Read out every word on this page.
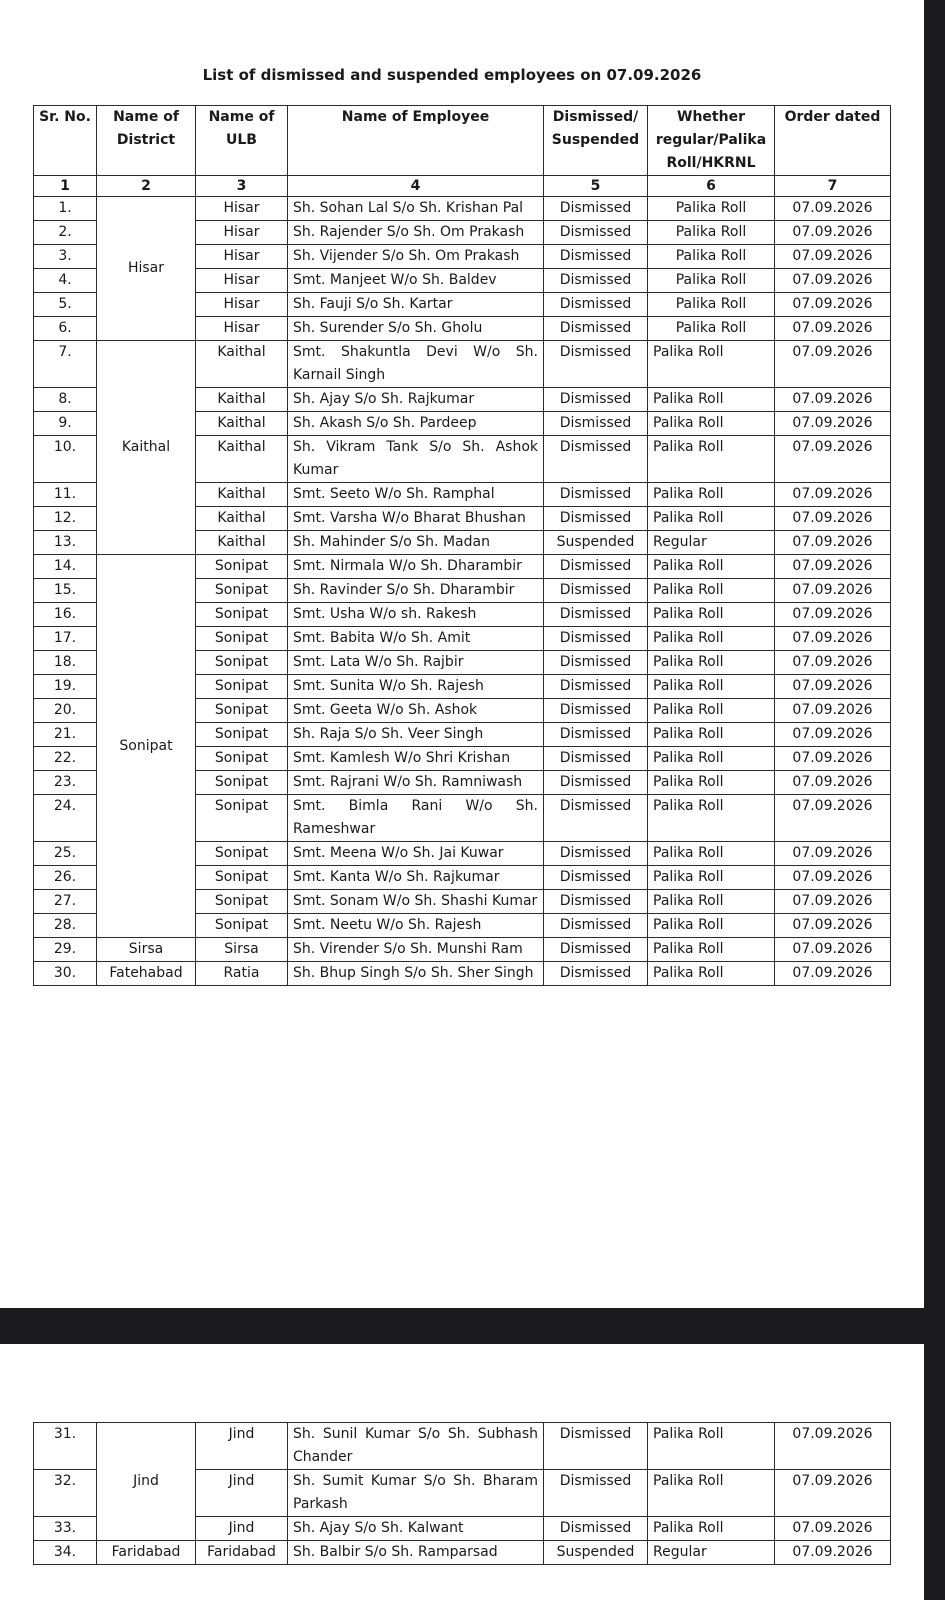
List of dismissed and suspended employees on 07.09.2026
Sr. No.	Name of District	Name of ULB	Name of Employee	Dismissed/ Suspended	Whether regular/Palika Roll/HKRNL	Order dated
1	2	3	4	5	6	7
1.	Hisar	Hisar	Sh. Sohan Lal S/o Sh. Krishan Pal	Dismissed	Palika Roll	07.09.2026
2.		Hisar	Sh. Rajender S/o Sh. Om Prakash	Dismissed	Palika Roll	07.09.2026
3.		Hisar	Sh. Vijender S/o Sh. Om Prakash	Dismissed	Palika Roll	07.09.2026
4.		Hisar	Smt. Manjeet W/o Sh. Baldev	Dismissed	Palika Roll	07.09.2026
5.		Hisar	Sh. Fauji S/o Sh. Kartar	Dismissed	Palika Roll	07.09.2026
6.		Hisar	Sh. Surender S/o Sh. Gholu	Dismissed	Palika Roll	07.09.2026
7.	Kaithal	Kaithal	Smt. Shakuntla Devi W/o Sh. Karnail Singh	Dismissed	Palika Roll	07.09.2026
8.		Kaithal	Sh. Ajay S/o Sh. Rajkumar	Dismissed	Palika Roll	07.09.2026
9.		Kaithal	Sh. Akash S/o Sh. Pardeep	Dismissed	Palika Roll	07.09.2026
10.		Kaithal	Sh. Vikram Tank S/o Sh. Ashok Kumar	Dismissed	Palika Roll	07.09.2026
11.		Kaithal	Smt. Seeto W/o Sh. Ramphal	Dismissed	Palika Roll	07.09.2026
12.		Kaithal	Smt. Varsha W/o Bharat Bhushan	Dismissed	Palika Roll	07.09.2026
13.		Kaithal	Sh. Mahinder S/o Sh. Madan	Suspended	Regular	07.09.2026
14.	Sonipat	Sonipat	Smt. Nirmala W/o Sh. Dharambir	Dismissed	Palika Roll	07.09.2026
15.		Sonipat	Sh. Ravinder S/o Sh. Dharambir	Dismissed	Palika Roll	07.09.2026
16.		Sonipat	Smt. Usha W/o sh. Rakesh	Dismissed	Palika Roll	07.09.2026
17.		Sonipat	Smt. Babita W/o Sh. Amit	Dismissed	Palika Roll	07.09.2026
18.		Sonipat	Smt. Lata W/o Sh. Rajbir	Dismissed	Palika Roll	07.09.2026
19.		Sonipat	Smt. Sunita W/o Sh. Rajesh	Dismissed	Palika Roll	07.09.2026
20.		Sonipat	Smt. Geeta W/o Sh. Ashok	Dismissed	Palika Roll	07.09.2026
21.		Sonipat	Sh. Raja S/o Sh. Veer Singh	Dismissed	Palika Roll	07.09.2026
22.		Sonipat	Smt. Kamlesh W/o Shri Krishan	Dismissed	Palika Roll	07.09.2026
23.		Sonipat	Smt. Rajrani W/o Sh. Ramniwash	Dismissed	Palika Roll	07.09.2026
24.		Sonipat	Smt. Bimla Rani W/o Sh. Rameshwar	Dismissed	Palika Roll	07.09.2026
25.		Sonipat	Smt. Meena W/o Sh. Jai Kuwar	Dismissed	Palika Roll	07.09.2026
26.		Sonipat	Smt. Kanta W/o Sh. Rajkumar	Dismissed	Palika Roll	07.09.2026
27.		Sonipat	Smt. Sonam W/o Sh. Shashi Kumar	Dismissed	Palika Roll	07.09.2026
28.		Sonipat	Smt. Neetu W/o Sh. Rajesh	Dismissed	Palika Roll	07.09.2026
29.	Sirsa	Sirsa	Sh. Virender S/o Sh. Munshi Ram	Dismissed	Palika Roll	07.09.2026
30.	Fatehabad	Ratia	Sh. Bhup Singh S/o Sh. Sher Singh	Dismissed	Palika Roll	07.09.2026
31.	Jind	Jind	Sh. Sunil Kumar S/o Sh. Subhash Chander	Dismissed	Palika Roll	07.09.2026
32.		Jind	Sh. Sumit Kumar S/o Sh. Bharam Parkash	Dismissed	Palika Roll	07.09.2026
33.		Jind	Sh. Ajay S/o Sh. Kalwant	Dismissed	Palika Roll	07.09.2026
34.	Faridabad	Faridabad	Sh. Balbir S/o Sh. Ramparsad	Suspended	Regular	07.09.2026
